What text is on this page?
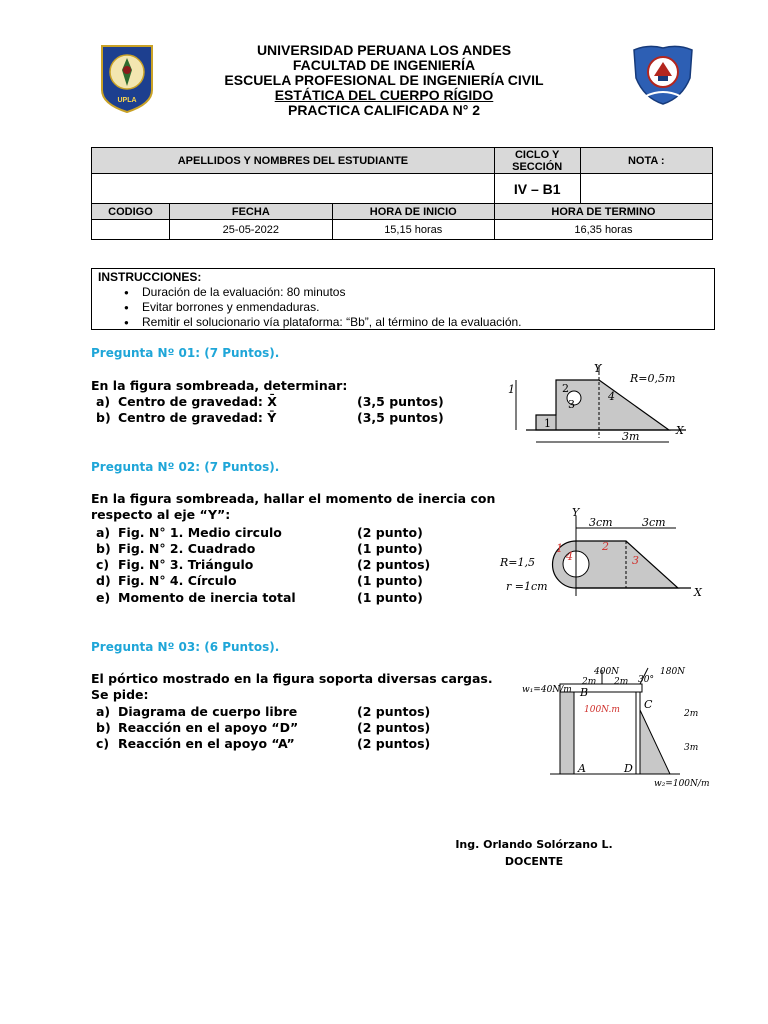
UPLA
UNIVERSIDAD PERUANA LOS ANDES
FACULTAD DE INGENIERÍA
ESCUELA PROFESIONAL DE INGENIERÍA CIVIL
ESTÁTICA DEL CUERPO RÍGIDO
PRACTICA CALIFICADA N° 2
APELLIDOS Y NOMBRES DEL ESTUDIANTE			CICLO Y SECCIÓN	NOTA :
			IV – B1	
CODIGO	FECHA	HORA DE INICIO	HORA DE TERMINO	
	25-05-2022	15,15 horas	16,35 horas	
INSTRUCCIONES:
● Duración de la evaluación: 80 minutos
● Evitar borrones y enmendaduras.
● Remitir el solucionario vía plataforma: “Bb”, al término de la evaluación.
Pregunta Nº 01: (7 Puntos).
En la figura sombreada, determinar:
a) Centro de gravedad: X̄	(3,5 puntos)
b) Centro de gravedad: Ȳ	(3,5 puntos)
Y
X
R=0,5m
3m
1
2
3
4
1
Pregunta Nº 02: (7 Puntos).
En la figura sombreada, hallar el momento de inercia con
respecto al eje “Y”:
a) Fig. N° 1. Medio circulo	(2 punto)
b) Fig. N° 2. Cuadrado	(1 punto)
c) Fig. N° 3. Triángulo	(2 puntos)
d) Fig. N° 4. Círculo	(1 punto)
e) Momento de inercia total	(1 punto)
Y
X
3cm	3cm
R=1,5
r =1cm
1	2
3
4
Pregunta Nº 03: (6 Puntos).
El pórtico mostrado en la figura soporta diversas cargas.
Se pide:
a) Diagrama de cuerpo libre	(2 puntos)
b) Reacción en el apoyo “D”	(2 puntos)
c) Reacción en el apoyo “A”	(2 puntos)
400N	180N
2m 2m 30°
w₁=40N/m B
C
100N.m	2m
3m
A	D
w₂=100N/m
Ing. Orlando Solórzano L.
DOCENTE
